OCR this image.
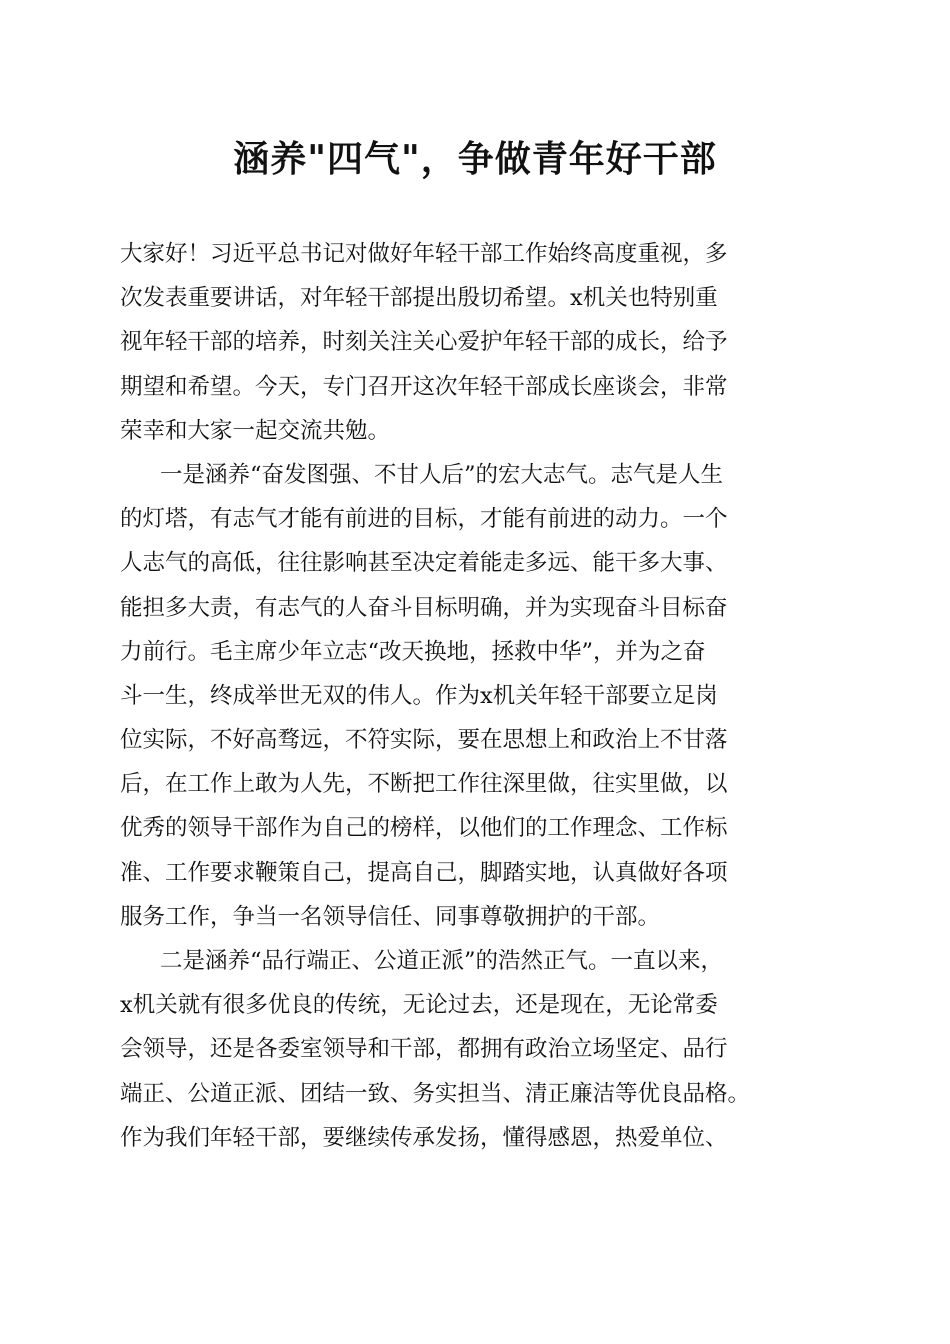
涵养"四气"，争做青年好干部
大家好！习近平总书记对做好年轻干部工作始终高度重视，多
次发表重要讲话，对年轻干部提出殷切希望。x机关也特别重
视年轻干部的培养，时刻关注关心爱护年轻干部的成长，给予
期望和希望。今天，专门召开这次年轻干部成长座谈会，非常
荣幸和大家一起交流共勉。
一是涵养“奋发图强、不甘人后”的宏大志气。志气是人生
的灯塔，有志气才能有前进的目标，才能有前进的动力。一个
人志气的高低，往往影响甚至决定着能走多远、能干多大事、
能担多大责，有志气的人奋斗目标明确，并为实现奋斗目标奋
力前行。毛主席少年立志“改天换地，拯救中华”，并为之奋
斗一生，终成举世无双的伟人。作为x机关年轻干部要立足岗
位实际，不好高骛远，不符实际，要在思想上和政治上不甘落
后，在工作上敢为人先，不断把工作往深里做，往实里做，以
优秀的领导干部作为自己的榜样，以他们的工作理念、工作标
准、工作要求鞭策自己，提高自己，脚踏实地，认真做好各项
服务工作，争当一名领导信任、同事尊敬拥护的干部。
二是涵养“品行端正、公道正派”的浩然正气。一直以来，
x机关就有很多优良的传统，无论过去，还是现在，无论常委
会领导，还是各委室领导和干部，都拥有政治立场坚定、品行
端正、公道正派、团结一致、务实担当、清正廉洁等优良品格。
作为我们年轻干部，要继续传承发扬，懂得感恩，热爱单位、
